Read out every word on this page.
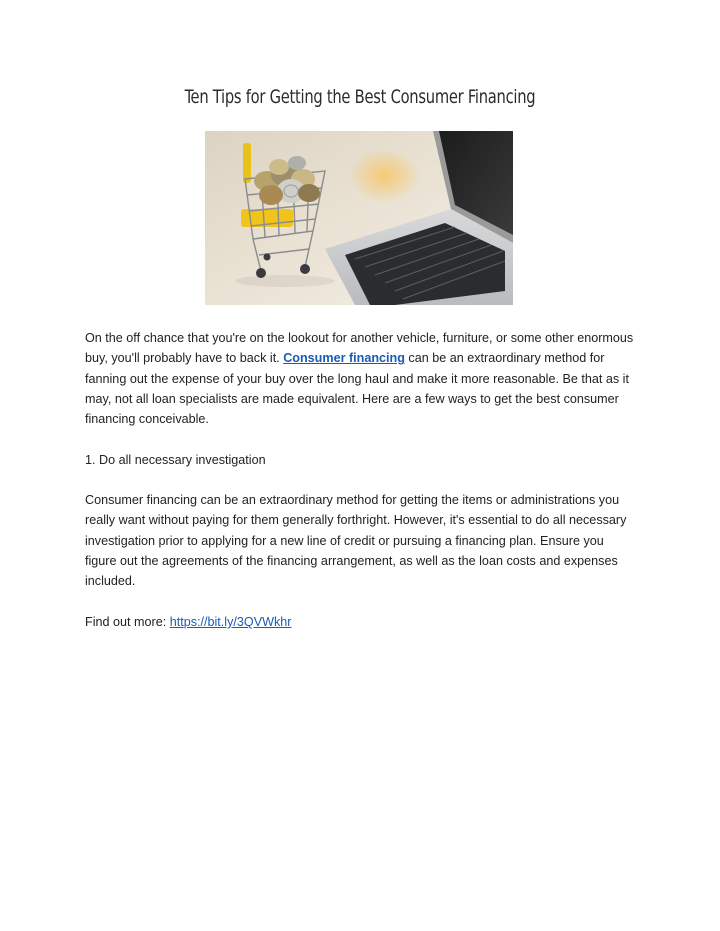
Ten Tips for Getting the Best Consumer Financing
On the off chance that you're on the lookout for another vehicle, furniture, or some other enormous buy, you'll probably have to back it. Consumer financing can be an extraordinary method for fanning out the expense of your buy over the long haul and make it more reasonable. Be that as it may, not all loan specialists are made equivalent. Here are a few ways to get the best consumer financing conceivable.
1. Do all necessary investigation
Consumer financing can be an extraordinary method for getting the items or administrations you really want without paying for them generally forthright. However, it's essential to do all necessary investigation prior to applying for a new line of credit or pursuing a financing plan. Ensure you figure out the agreements of the financing arrangement, as well as the loan costs and expenses included.
Find out more: https://bit.ly/3QVWkhr
